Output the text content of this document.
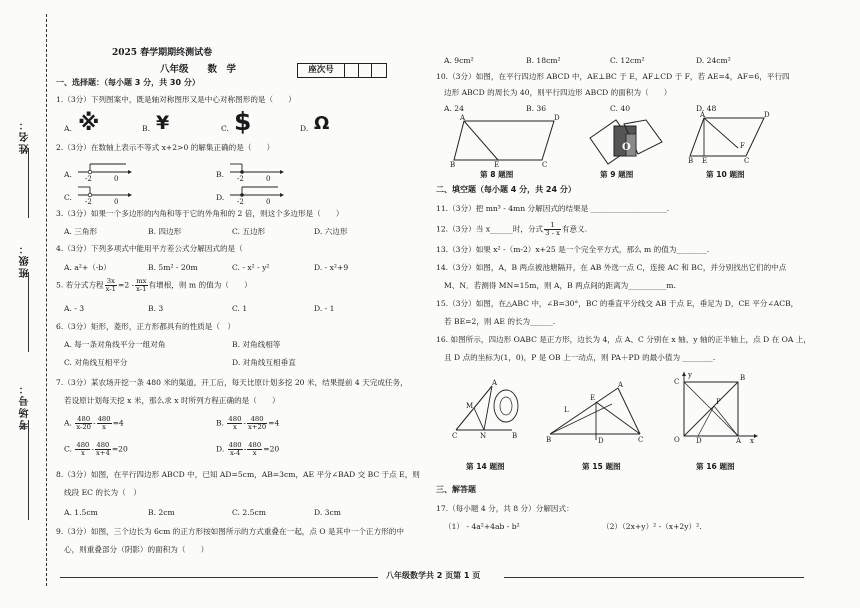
姓名：
班级：
考场号：
2025 春学期期终测试卷
八年级　　数　学	座次号
一、选择题：（每小题 3 分，共 30 分）
1.（3分）下列图案中，既是轴对称图形又是中心对称图形的是（　　）
A. ※	B. ¥	C. $	D. Ω
2.（3分）在数轴上表示不等式 x+2>0 的解集正确的是（　　）
A.	B.
C.	D.
-2	0	-2	0
-2	0	-2	0
3.（3分）如果一个多边形的内角和等于它的外角和的 2 倍，则这个多边形是（　　）
A. 三角形	B. 四边形	C. 五边形	D. 六边形
4.（3分）下列多项式中能用平方差公式分解因式的是（
A. a²+（-b）	B. 5m² - 20m	C. - x² - y²	D. - x²+9
5. 若分式方程 $\frac{3x}{x-1} =2 - \frac{mx}{x-1}$ 有增根，则 m 的值为（　　）
A. - 3	B. 3	C. 1	D. - 1
6.（3分）矩形，菱形，正方形都具有的性质是（　）
A. 每一条对角线平分一组对角	B. 对角线相等
C. 对角线互相平分	D. 对角线互相垂直
7.（3分）某农场开挖一条 480 米的渠道，开工后，每天比原计划多挖 20 米，结果提前 4 天完成任务，
若设原计划每天挖 x 米，那么求 x 时所列方程正确的是（　　）
A. $\frac{480}{x-20} - \frac{480}{x} =4$	B. $\frac{480}{x} - \frac{480}{x+20} =4$
C. $\frac{480}{x} - \frac{480}{x+4} =20$	D. $\frac{480}{x-4} - \frac{480}{x} =20$
8.（3分）如图，在平行四边形 ABCD 中，已知 AD=5cm，AB=3cm，AE 平分∠BAD 交 BC 于点 E，则
线段 EC 的长为（　）
A. 1.5cm	B. 2cm	C. 2.5cm	D. 3cm
9.（3分）如图，三个边长为 6cm 的正方形按如图所示的方式重叠在一起，点 O 是其中一个正方形的中
心，则重叠部分（阴影）的面积为（　　）
A. 9cm²	B. 18cm²	C. 12cm²	D. 24cm²
10.（3分）如图，在平行四边形 ABCD 中，AE⊥BC 于 E，AF⊥CD 于 F，若 AE=4，AF=6，平行四
边形 ABCD 的周长为 40，则平行四边形 ABCD 的面积为（　　）
A. 24	B. 36	C. 40	D. 48
A	D
B	E	C
第 8 题图
O
第 9 题图
A	D
B E	C
F
第 10 题图
二、填空题（每小题 4 分，共 24 分）
11.（3分）把 mn³ - 4mn 分解因式的结果是 ____________________.
12.（3分）当 x______时，分式 $\frac{1}{3 - x}$ 有意义.
13.（3分）如果 x² -（m-2）x+25 是一个完全平方式，那么 m 的值为________.
14.（3分）如图，A，B 两点被池塘隔开，在 AB 外选一点 C，连接 AC 和 BC，并分别找出它们的中点
M、N．若测得 MN=15m，则 A，B 两点间的距离为__________m.
15.（3分）如图，在△ABC 中，∠B=30°，BC 的垂直平分线交 AB 于点 E，垂足为 D，CE 平分∠ACB，
若 BE=2，则 AE 的长为______.
16. 如图所示，四边形 OABC 是正方形，边长为 4，点 A、C 分别在 x 轴、y 轴的正半轴上，点 D 在 OA 上，
且 D 点的坐标为(1，0)，P 是 OB 上一动点，则 PA＋PD 的最小值为 ________.
A
M
C	N	B
第 14 题图
A
E
L
B	D	C
第 15 题图
y
C	B
P
O D	A x
第 16 题图
三、解答题
17.（每小题 4 分，共 8 分）分解因式：
（1） - 4a²+4ab - b²	（2）（2x+y）² -（x+2y）².
八年级数学共 2 页第 1 页
